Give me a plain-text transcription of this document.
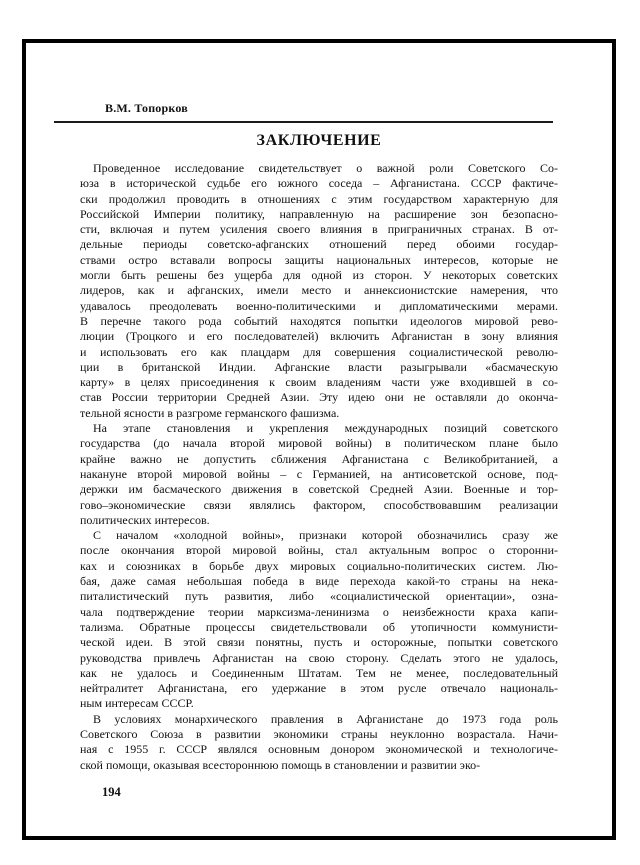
В.М. Топорков
ЗАКЛЮЧЕНИЕ
Проведенное исследование свидетельствует о важной роли Советского Со-
юза в исторической судьбе его южного соседа – Афганистана. СССР фактиче-
ски продолжил проводить в отношениях с этим государством характерную для
Российской Империи политику, направленную на расширение зон безопасно-
сти, включая и путем усиления своего влияния в приграничных странах. В от-
дельные периоды советско-афганских отношений перед обоими государ-
ствами остро вставали вопросы защиты национальных интересов, которые не
могли быть решены без ущерба для одной из сторон. У некоторых советских
лидеров, как и афганских, имели место и аннексионистские намерения, что
удавалось преодолевать военно-политическими и дипломатическими мерами.
В перечне такого рода событий находятся попытки идеологов мировой рево-
люции (Троцкого и его последователей) включить Афганистан в зону влияния
и использовать его как плацдарм для совершения социалистической револю-
ции в британской Индии. Афганские власти разыгрывали «басмаческую
карту» в целях присоединения к своим владениям части уже входившей в со-
став России территории Средней Азии. Эту идею они не оставляли до оконча-
тельной ясности в разгроме германского фашизма.
На этапе становления и укрепления международных позиций советского
государства (до начала второй мировой войны) в политическом плане было
крайне важно не допустить сближения Афганистана с Великобританией, а
накануне второй мировой войны – с Германией, на антисоветской основе, под-
держки им басмаческого движения в советской Средней Азии. Военные и тор-
гово–экономические связи являлись фактором, способствовавшим реализации
политических интересов.
С началом «холодной войны», признаки которой обозначились сразу же
после окончания второй мировой войны, стал актуальным вопрос о сторонни-
ках и союзниках в борьбе двух мировых социально-политических систем. Лю-
бая, даже самая небольшая победа в виде перехода какой-то страны на нека-
питалистический путь развития, либо «социалистической ориентации», озна-
чала подтверждение теории марксизма-ленинизма о неизбежности краха капи-
тализма. Обратные процессы свидетельствовали об утопичности коммунисти-
ческой идеи. В этой связи понятны, пусть и осторожные, попытки советского
руководства привлечь Афганистан на свою сторону. Сделать этого не удалось,
как не удалось и Соединенным Штатам. Тем не менее, последовательный
нейтралитет Афганистана, его удержание в этом русле отвечало националь-
ным интересам СССР.
В условиях монархического правления в Афганистане до 1973 года роль
Советского Союза в развитии экономики страны неуклонно возрастала. Начи-
ная с 1955 г. СССР являлся основным донором экономической и технологиче-
ской помощи, оказывая всестороннюю помощь в становлении и развитии эко-
194
